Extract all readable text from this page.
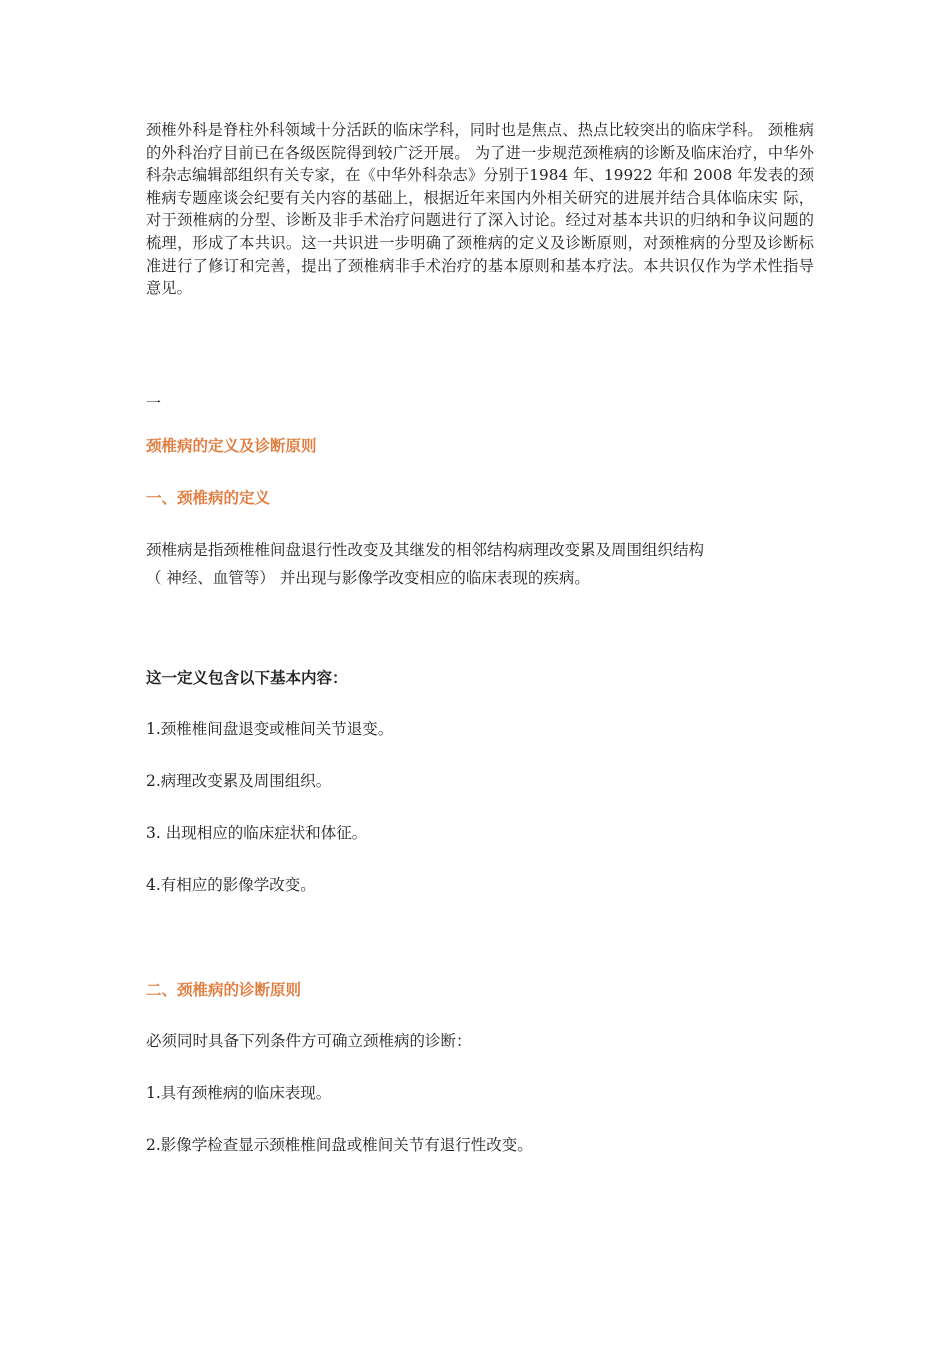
颈椎外科是脊柱外科领域十分活跃的临床学科，同时也是焦点、热点比较突出的临床学科。 颈椎病的外科治疗目前已在各级医院得到较广泛开展。 为了进一步规范颈椎病的诊断及临床治疗，中华外科杂志编辑部组织有关专家，在《中华外科杂志》分别于1984 年、19922 年和 2008 年发表的颈椎病专题座谈会纪要有关内容的基础上，根据近年来国内外相关研究的进展并结合具体临床实 际，对于颈椎病的分型、诊断及非手术治疗问题进行了深入讨论。经过对基本共识的归纳和争议问题的梳理，形成了本共识。这一共识进一步明确了颈椎病的定义及诊断原则，对颈椎病的分型及诊断标 准进行了修订和完善，提出了颈椎病非手术治疗的基本原则和基本疗法。本共识仅作为学术性指导意见。
一
颈椎病的定义及诊断原则
一、颈椎病的定义
颈椎病是指颈椎椎间盘退行性改变及其继发的相邻结构病理改变累及周围组织结构
（ 神经、血管等） 并出现与影像学改变相应的临床表现的疾病。
这一定义包含以下基本内容：
1.颈椎椎间盘退变或椎间关节退变。
2.病理改变累及周围组织。
3. 出现相应的临床症状和体征。
4.有相应的影像学改变。
二、颈椎病的诊断原则
必须同时具备下列条件方可确立颈椎病的诊断：
1.具有颈椎病的临床表现。
2.影像学检查显示颈椎椎间盘或椎间关节有退行性改变。
